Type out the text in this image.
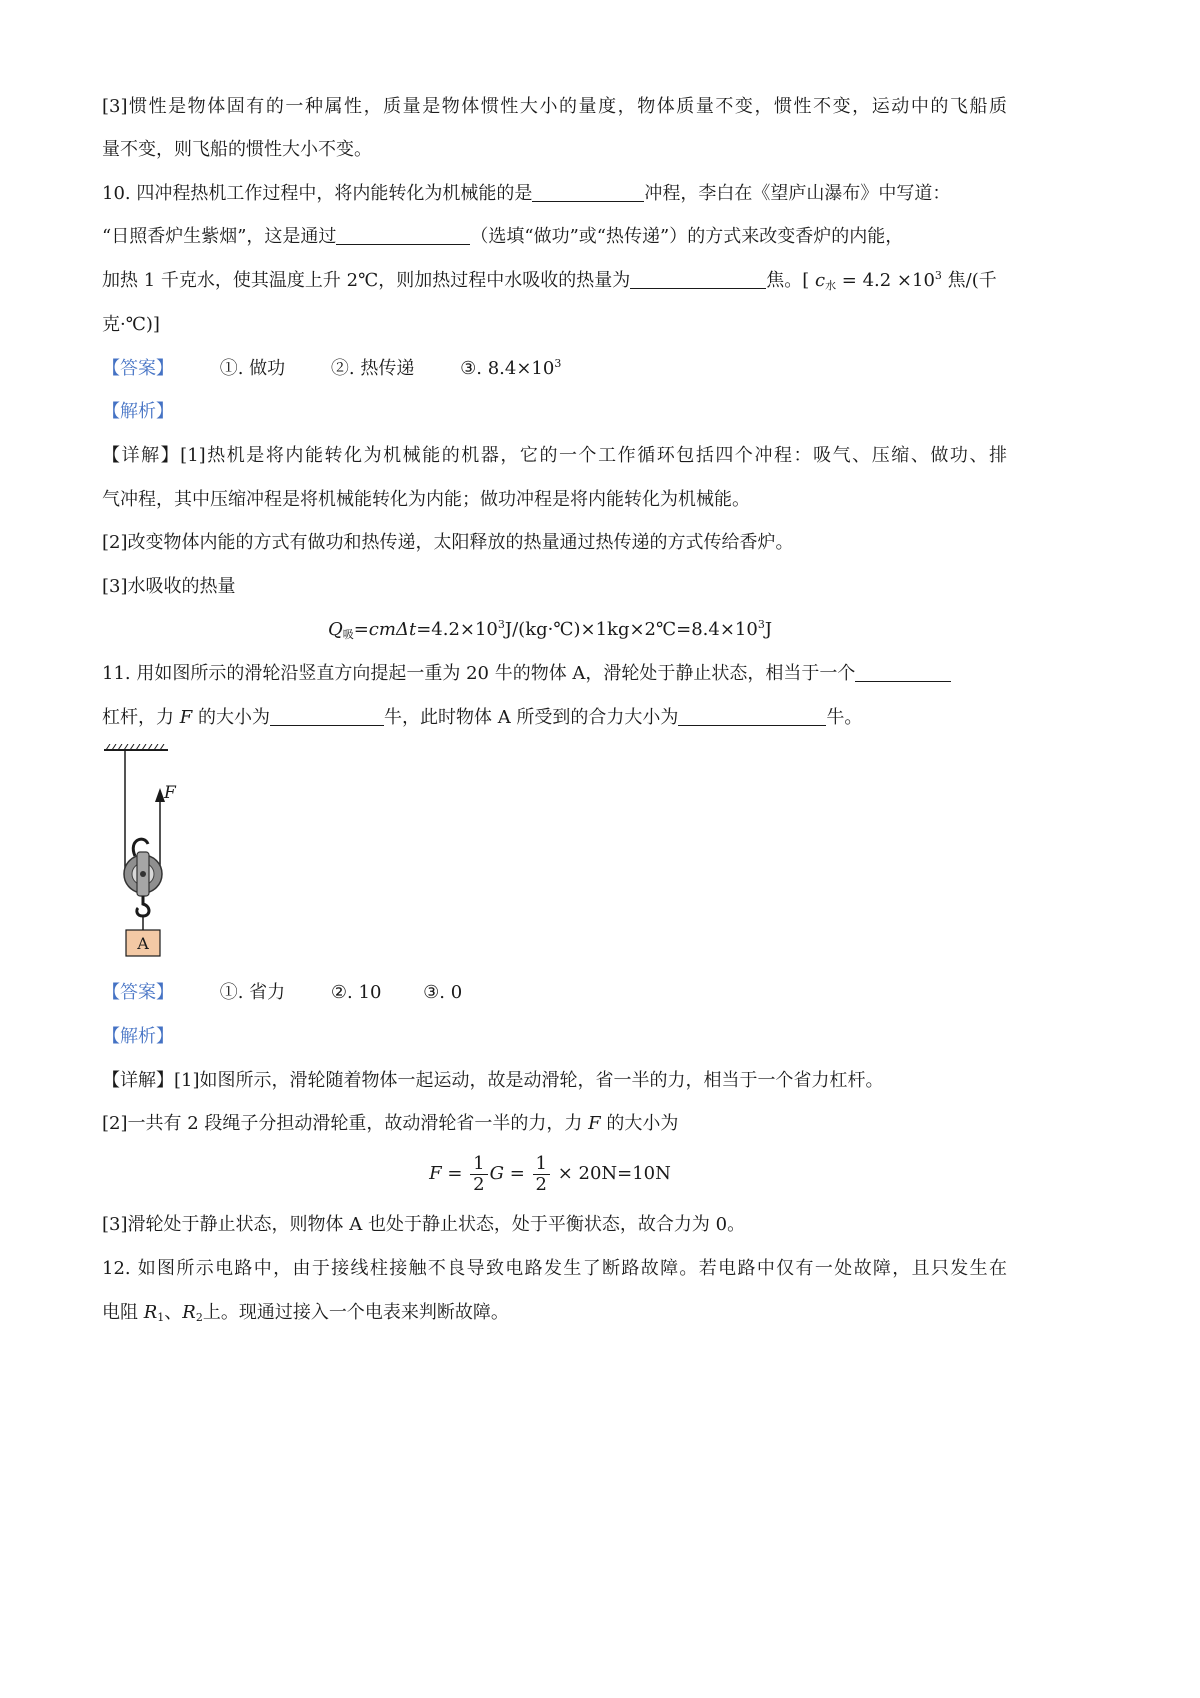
[3]惯性是物体固有的一种属性，质量是物体惯性大小的量度，物体质量不变，惯性不变，运动中的飞船质
量不变，则飞船的惯性大小不变。
10. 四冲程热机工作过程中，将内能转化为机械能的是	冲程，李白在《望庐山瀑布》中写道：
“日照香炉生紫烟”，这是通过	（选填“做功”或“热传递”）的方式来改变香炉的内能，
加热 1 千克水，使其温度上升 2℃，则加热过程中水吸收的热量为	焦。[ $c_水 = 4.2 \times 10^3$ 焦/(千
克·℃)]
【答案】	①. 做功	②. 热传递	③. $8.4\times 10^3$
【解析】
【详解】[1]热机是将内能转化为机械能的机器，它的一个工作循环包括四个冲程：吸气、压缩、做功、排
气冲程，其中压缩冲程是将机械能转化为内能；做功冲程是将内能转化为机械能。
[2]改变物体内能的方式有做功和热传递，太阳释放的热量通过热传递的方式传给香炉。
[3]水吸收的热量
$Q_吸=cm\Delta t=4.2\times 10^3J/(kg\cdot℃)\times 1kg\times 2℃=8.4\times 10^3J$
11. 用如图所示的滑轮沿竖直方向提起一重为 20 牛的物体 A，滑轮处于静止状态，相当于一个
杠杆，力 F 的大小为	牛，此时物体 A 所受到的合力大小为	牛。
F
A
【答案】	①. 省力	②. 10 ③. 0
【解析】
【详解】[1]如图所示，滑轮随着物体一起运动，故是动滑轮，省一半的力，相当于一个省力杠杆。
[2]一共有 2 段绳子分担动滑轮重，故动滑轮省一半的力，力 F 的大小为
$F = \frac{1}{2}$ $G = \frac{1}{2} \times 20N=10N$
[3]滑轮处于静止状态，则物体 A 也处于静止状态，处于平衡状态，故合力为 0。
12. 如图所示电路中，由于接线柱接触不良导致电路发生了断路故障。若电路中仅有一处故障，且只发生在
电阻 $R_1$、$R_2$上。现通过接入一个电表来判断故障。
